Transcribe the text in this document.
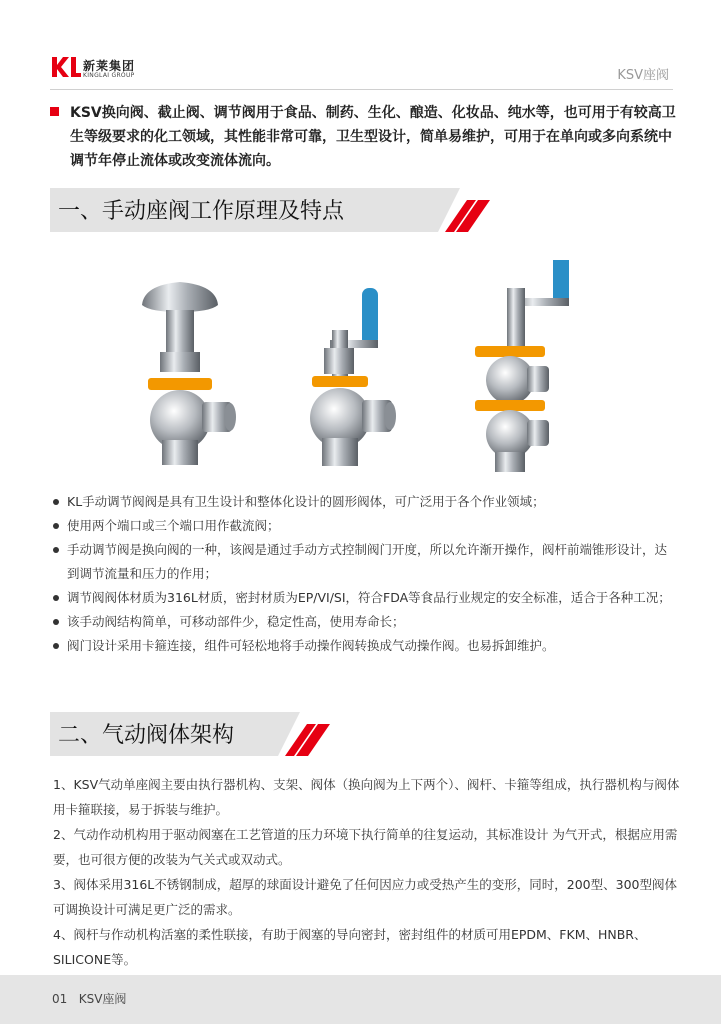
新莱集团
KINGLAI GROUP	KSV座阀

KSV换向阀、截止阀、调节阀用于食品、制药、生化、酿造、化妆品、纯水等，也可用于有较高卫生等级要求的化工领域，其性能非常可靠，卫生型设计，简单易维护，可用于在单向或多向系统中调节年停止流体或改变流体流向。

一、手动座阀工作原理及特点
KL手动调节阀阀是具有卫生设计和整体化设计的圆形阀体，可广泛用于各个作业领域；
使用两个端口或三个端口用作截流阀；
手动调节阀是换向阀的一种，该阀是通过手动方式控制阀门开度，所以允许渐开操作，阀杆前端锥形设计，达到调节流量和压力的作用；
调节阀阀体材质为316L材质，密封材质为EP/VI/SI，符合FDA等食品行业规定的安全标准，适合于各种工况；
该手动阀结构简单，可移动部件少，稳定性高，使用寿命长；
阀门设计采用卡箍连接，组件可轻松地将手动操作阀转换成气动操作阀。也易拆卸维护。
二、气动阀体架构

1、KSV气动单座阀主要由执行器机构、支架、阀体（换向阀为上下两个）、阀杆、卡箍等组成，执行器机构与阀体用卡箍联接，易于拆装与维护。

2、气动作动机构用于驱动阀塞在工艺管道的压力环境下执行简单的往复运动，其标准设计 为气开式，根据应用需要，也可很方便的改装为气关式或双动式。

3、阀体采用316L不锈钢制成，超厚的球面设计避免了任何因应力或受热产生的变形，同时，200型、300型阀体可调换设计可满足更广泛的需求。

4、阀杆与作动机构活塞的柔性联接，有助于阀塞的导向密封，密封组件的材质可用EPDM、FKM、HNBR、SILICONE等。

01 KSV座阀
